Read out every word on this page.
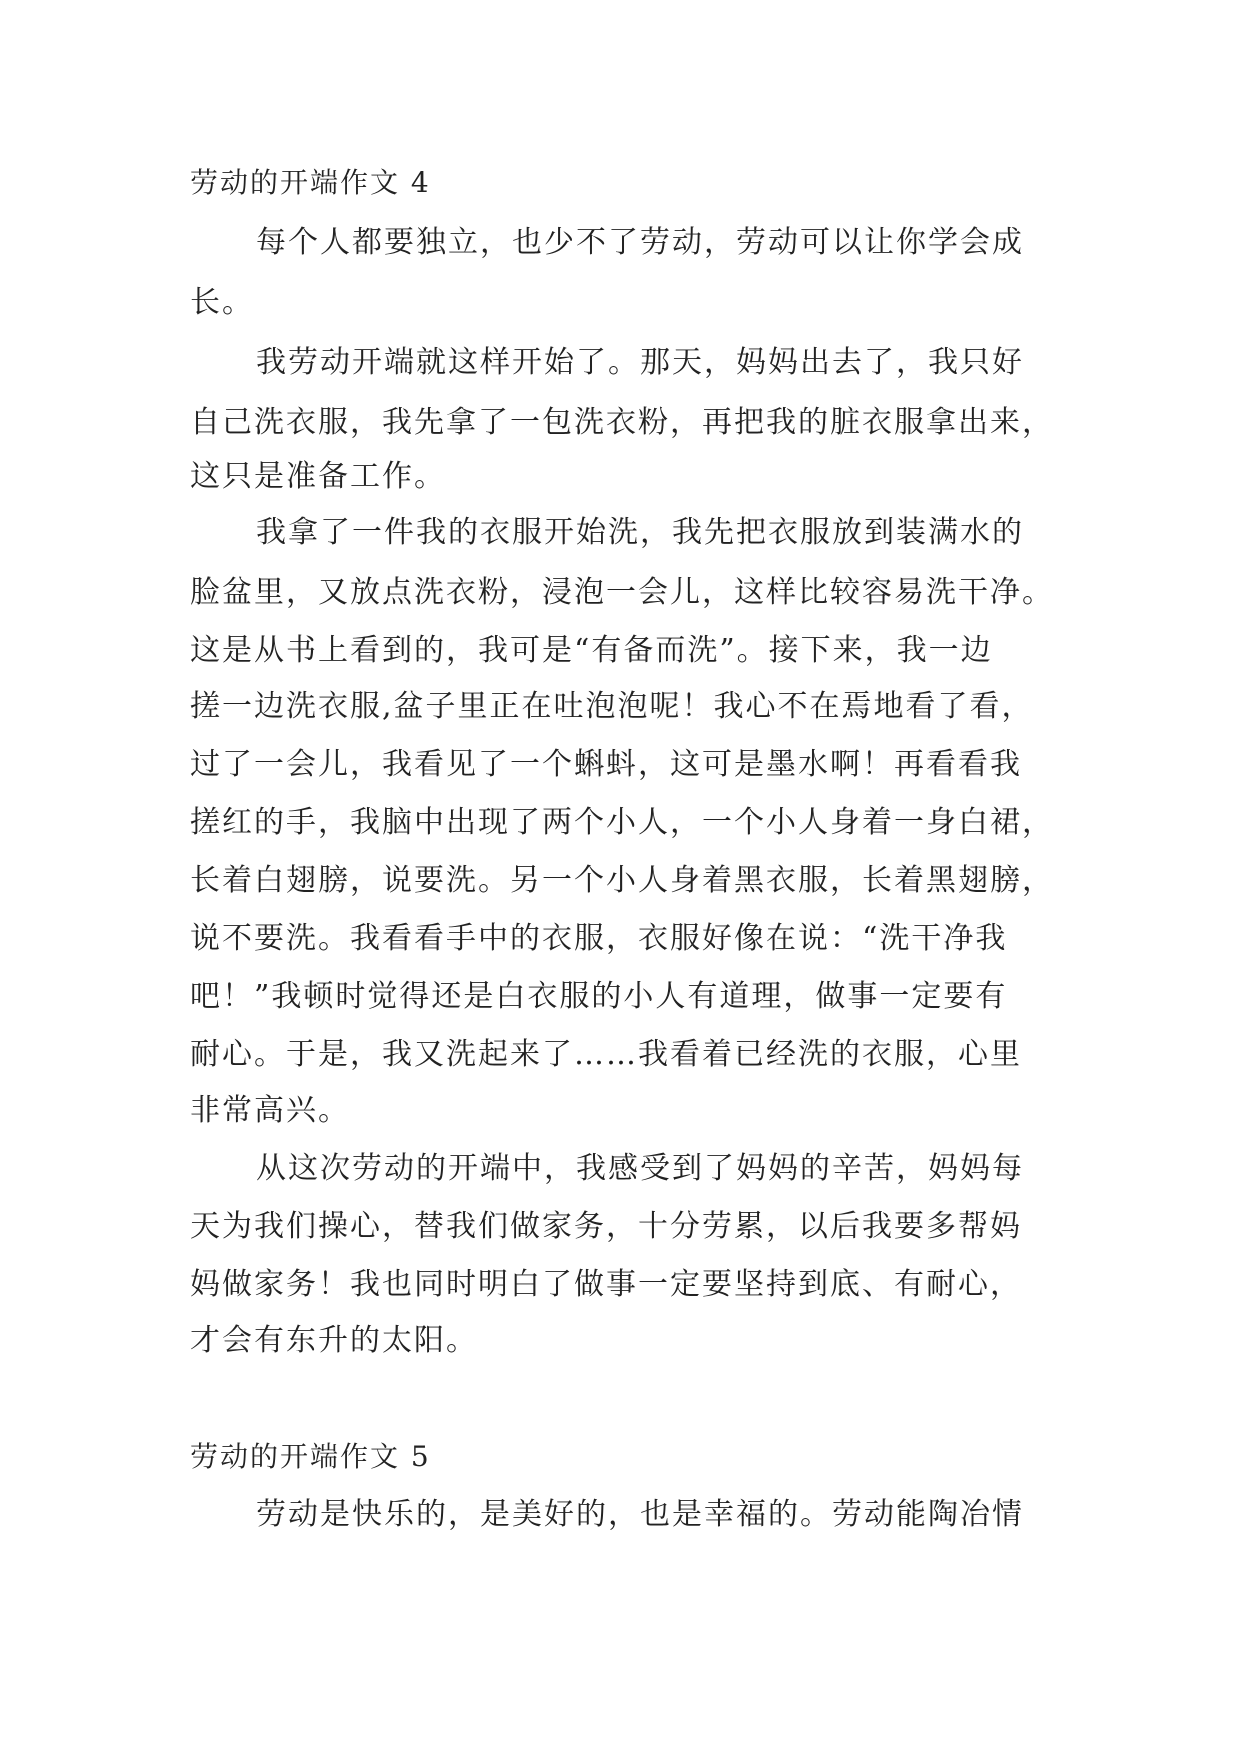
劳动的开端作文 4
每个人都要独立，也少不了劳动，劳动可以让你学会成
长。
我劳动开端就这样开始了。那天，妈妈出去了，我只好
自己洗衣服，我先拿了一包洗衣粉，再把我的脏衣服拿出来，
这只是准备工作。
我拿了一件我的衣服开始洗，我先把衣服放到装满水的
脸盆里，又放点洗衣粉，浸泡一会儿，这样比较容易洗干净。
这是从书上看到的，我可是“有备而洗”。接下来，我一边
搓一边洗衣服,盆子里正在吐泡泡呢！我心不在焉地看了看，
过了一会儿，我看见了一个蝌蚪，这可是墨水啊！再看看我
搓红的手，我脑中出现了两个小人，一个小人身着一身白裙，
长着白翅膀，说要洗。另一个小人身着黑衣服，长着黑翅膀，
说不要洗。我看看手中的衣服，衣服好像在说：“洗干净我
吧！”我顿时觉得还是白衣服的小人有道理，做事一定要有
耐心。于是，我又洗起来了……我看着已经洗的衣服，心里
非常高兴。
从这次劳动的开端中，我感受到了妈妈的辛苦，妈妈每
天为我们操心，替我们做家务，十分劳累，以后我要多帮妈
妈做家务！我也同时明白了做事一定要坚持到底、有耐心，
才会有东升的太阳。
劳动的开端作文 5
劳动是快乐的，是美好的，也是幸福的。劳动能陶冶情
